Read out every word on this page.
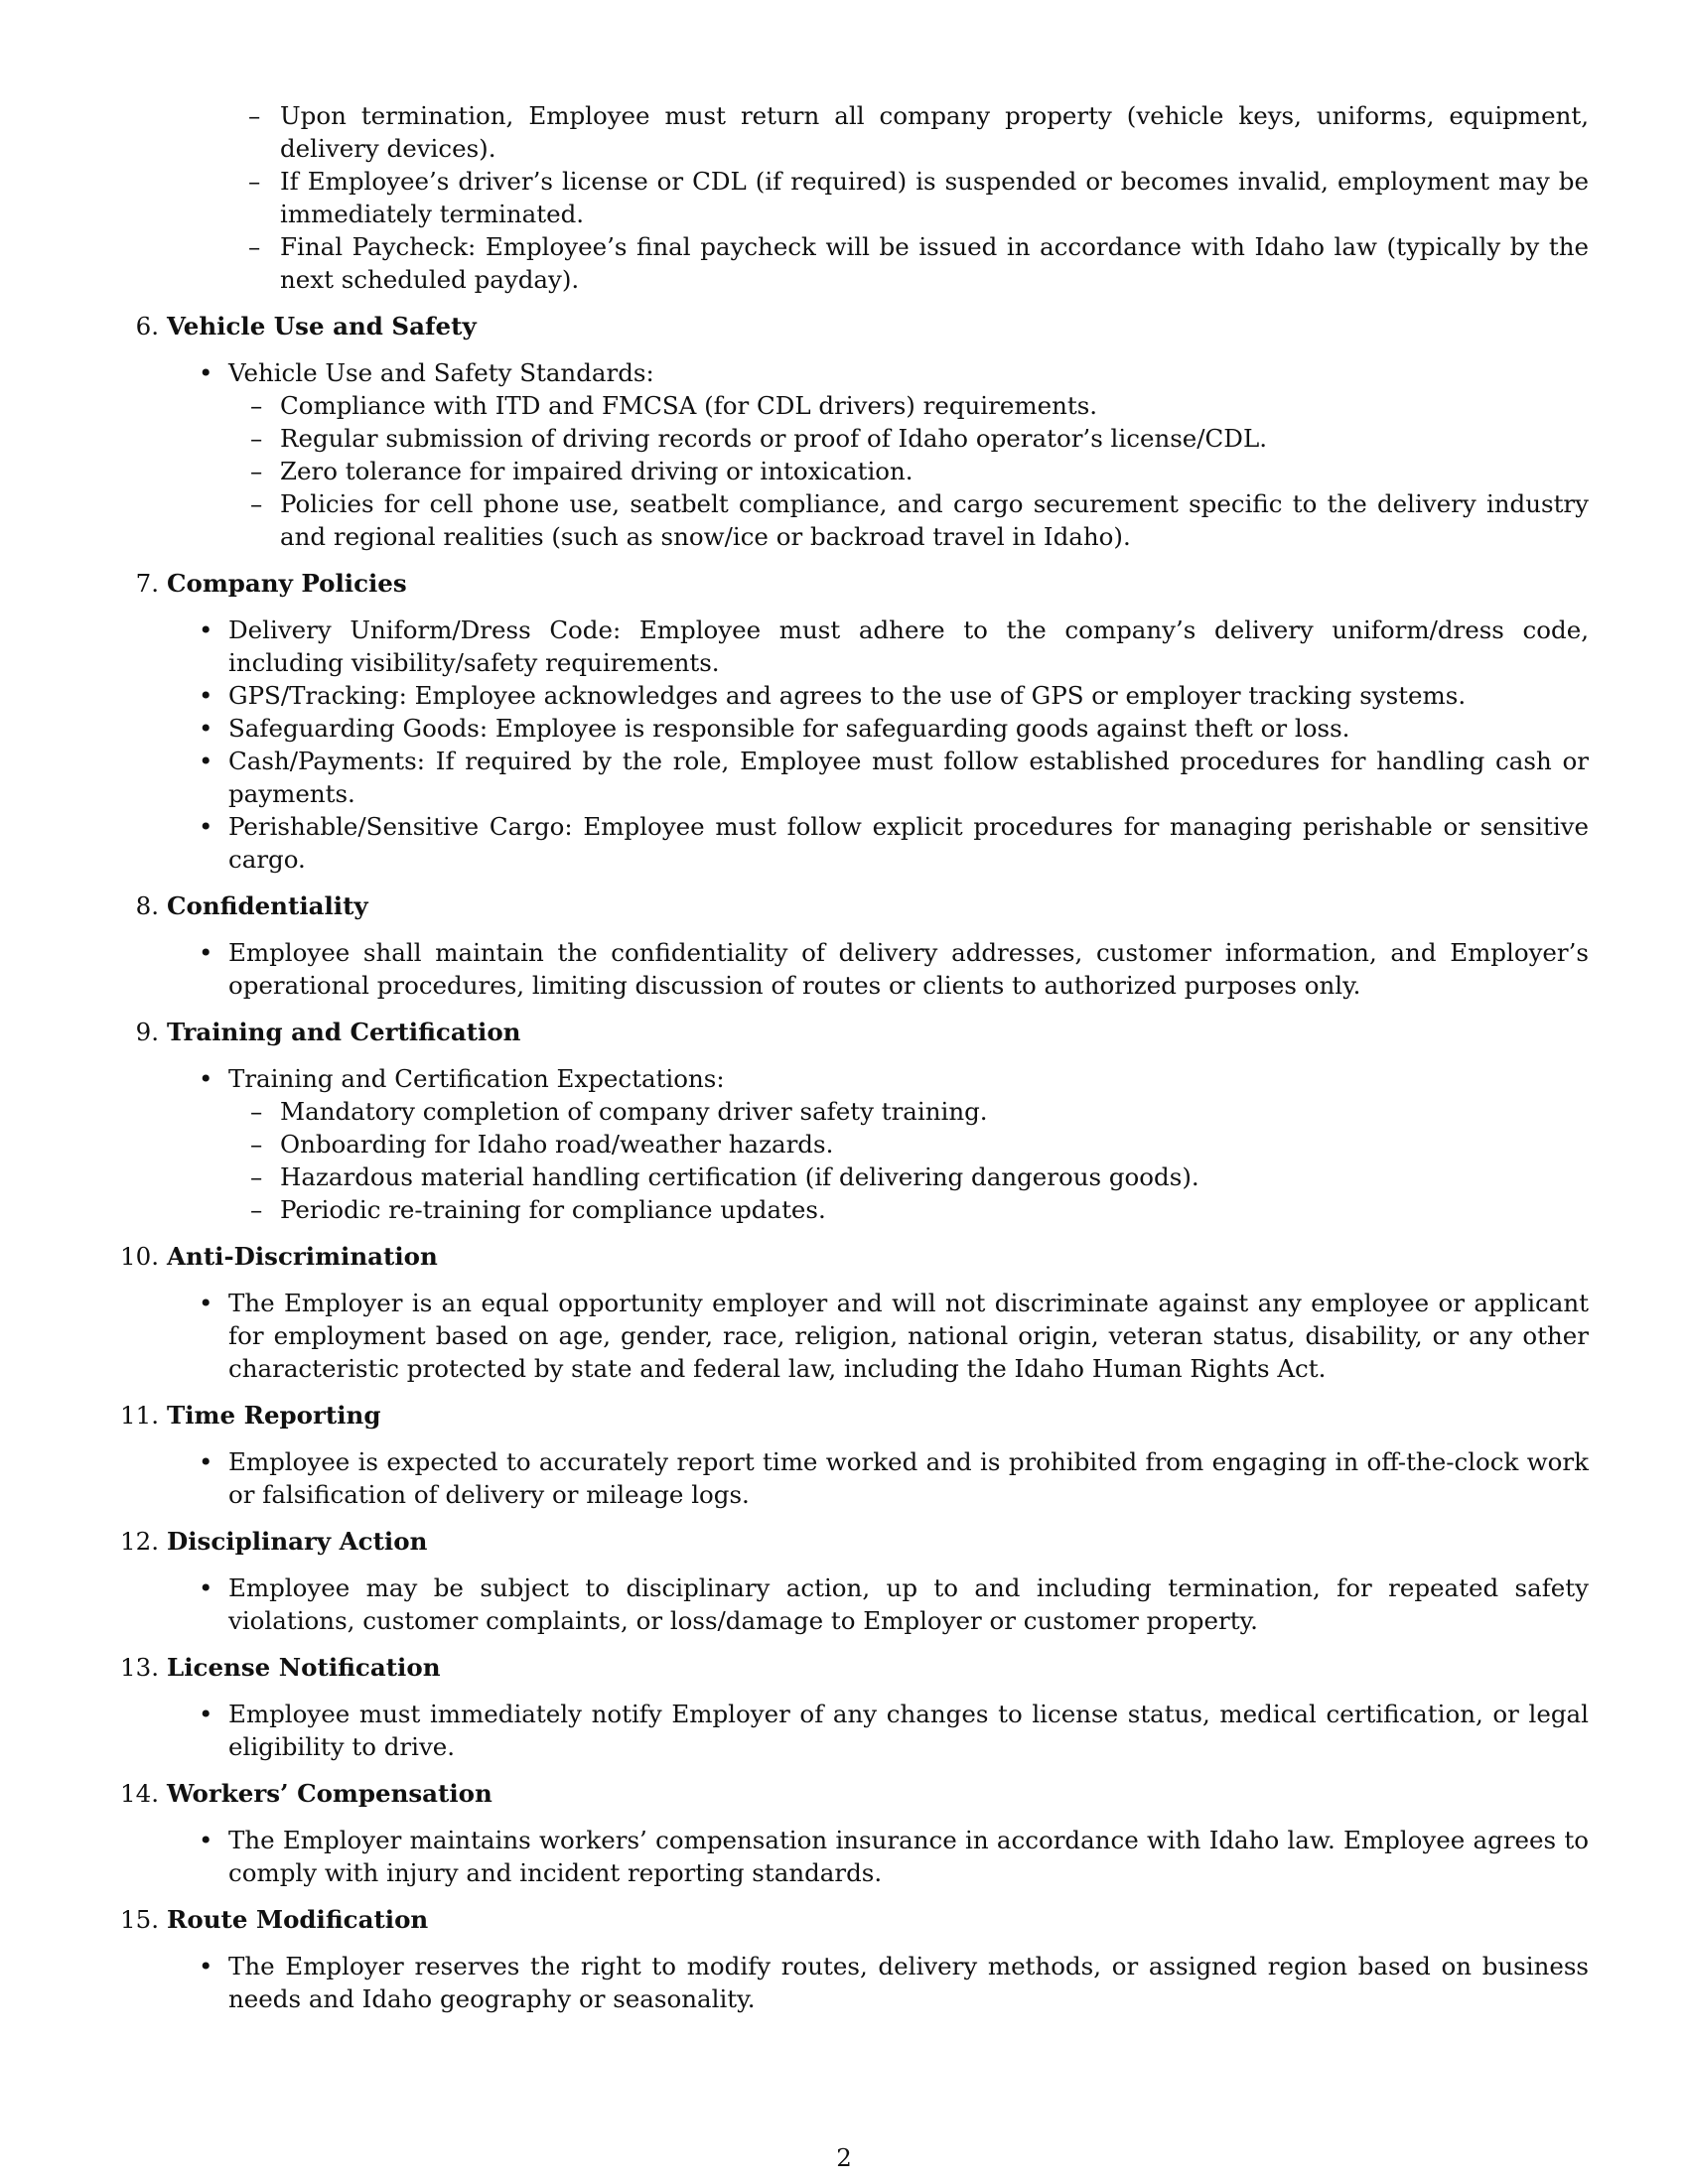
– Upon termination, Employee must return all company property (vehicle keys, uniforms, equipment, delivery devices).
– If Employee’s driver’s license or CDL (if required) is suspended or becomes invalid, employment may be immediately terminated.
– Final Paycheck: Employee’s final paycheck will be issued in accordance with Idaho law (typically by the next scheduled payday).
6. Vehicle Use and Safety
• Vehicle Use and Safety Standards:
– Compliance with ITD and FMCSA (for CDL drivers) requirements.
– Regular submission of driving records or proof of Idaho operator’s license/CDL.
– Zero tolerance for impaired driving or intoxication.
– Policies for cell phone use, seatbelt compliance, and cargo securement specific to the delivery industry and regional realities (such as snow/ice or backroad travel in Idaho).
7. Company Policies
• Delivery Uniform/Dress Code: Employee must adhere to the company’s delivery uniform/dress code, including visibility/safety requirements.
• GPS/Tracking: Employee acknowledges and agrees to the use of GPS or employer tracking systems.
• Safeguarding Goods: Employee is responsible for safeguarding goods against theft or loss.
• Cash/Payments: If required by the role, Employee must follow established procedures for handling cash or payments.
• Perishable/Sensitive Cargo: Employee must follow explicit procedures for managing perishable or sensitive cargo.
8. Confidentiality
• Employee shall maintain the confidentiality of delivery addresses, customer information, and Employer’s operational procedures, limiting discussion of routes or clients to authorized purposes only.
9. Training and Certification
• Training and Certification Expectations:
– Mandatory completion of company driver safety training.
– Onboarding for Idaho road/weather hazards.
– Hazardous material handling certification (if delivering dangerous goods).
– Periodic re-training for compliance updates.
10. Anti-Discrimination
• The Employer is an equal opportunity employer and will not discriminate against any employee or applicant for employment based on age, gender, race, religion, national origin, veteran status, disability, or any other characteristic protected by state and federal law, including the Idaho Human Rights Act.
11. Time Reporting
• Employee is expected to accurately report time worked and is prohibited from engaging in off-the-clock work or falsification of delivery or mileage logs.
12. Disciplinary Action
• Employee may be subject to disciplinary action, up to and including termination, for repeated safety violations, customer complaints, or loss/damage to Employer or customer property.
13. License Notification
• Employee must immediately notify Employer of any changes to license status, medical certification, or legal eligibility to drive.
14. Workers’ Compensation
• The Employer maintains workers’ compensation insurance in accordance with Idaho law. Employee agrees to comply with injury and incident reporting standards.
15. Route Modification
• The Employer reserves the right to modify routes, delivery methods, or assigned region based on business needs and Idaho geography or seasonality.
2
